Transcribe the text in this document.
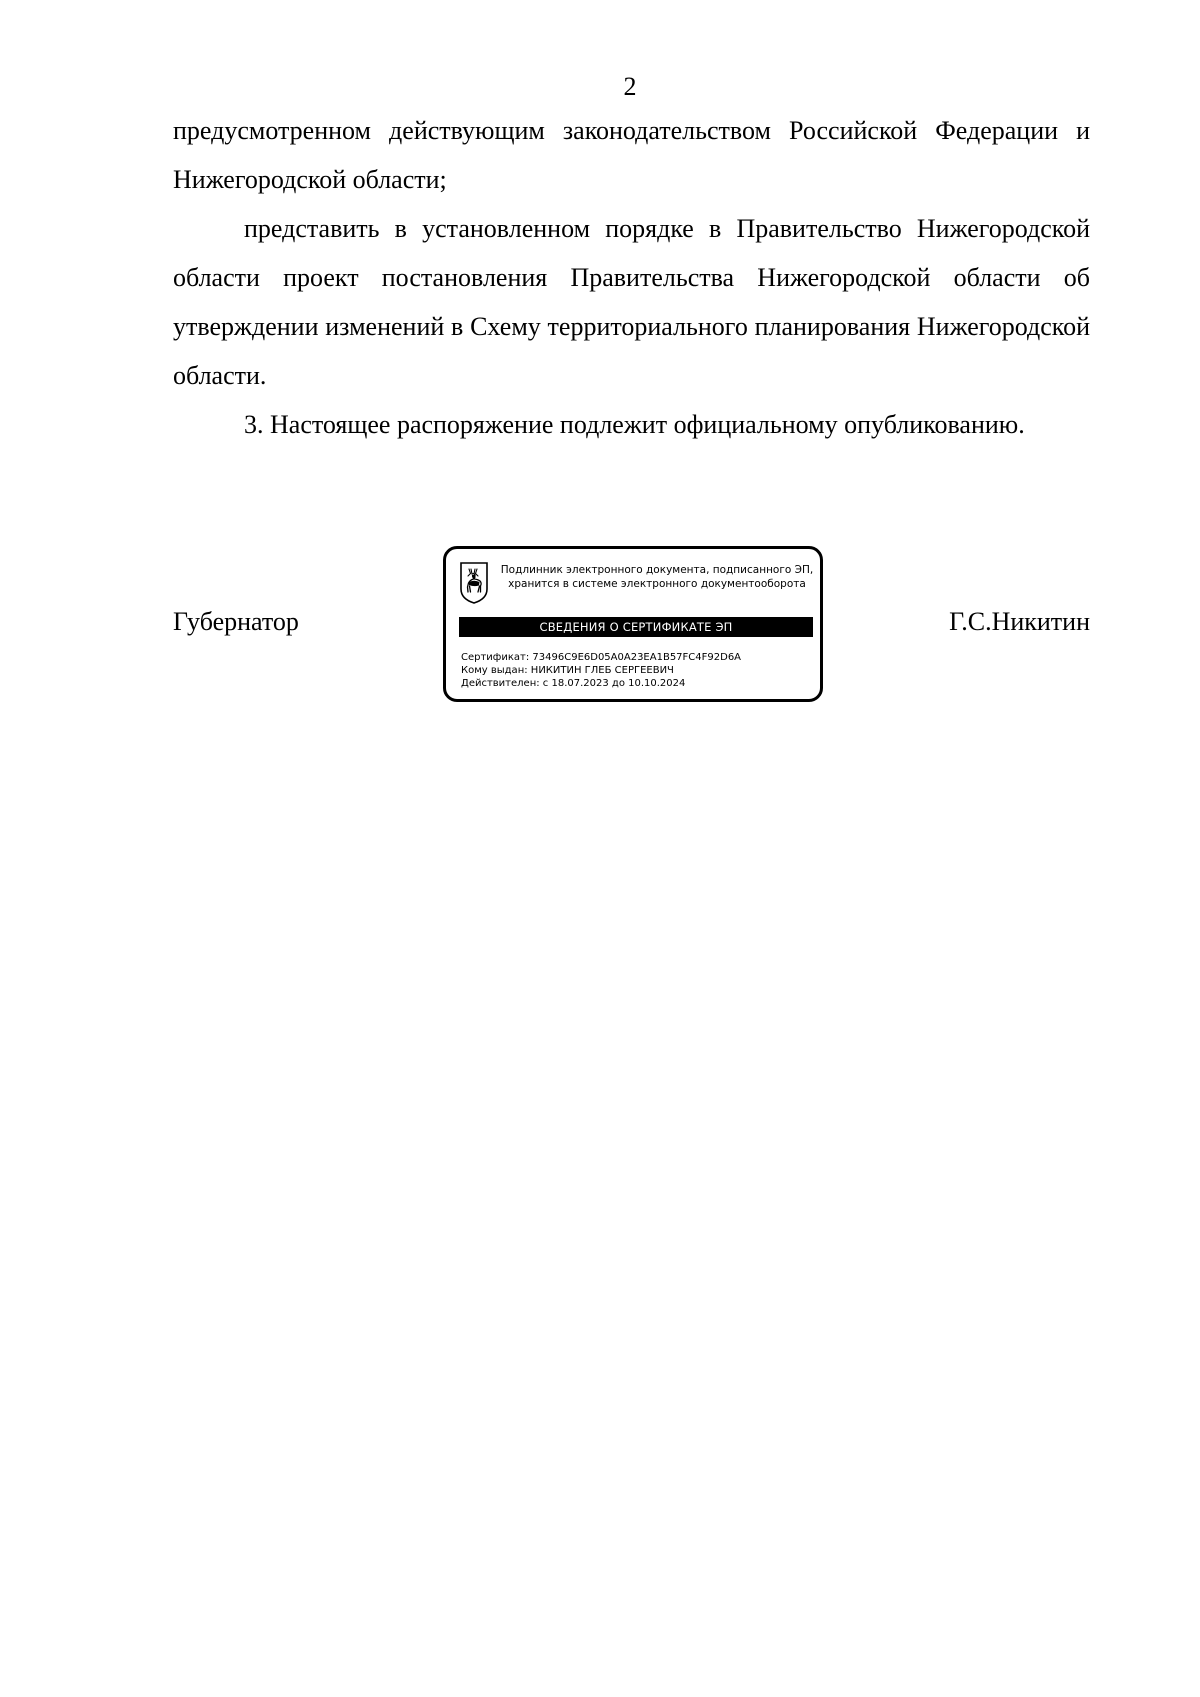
2

предусмотренном действующим законодательством Российской Федерации и Нижегородской области;

представить в установленном порядке в Правительство Нижегородской области проект постановления Правительства Нижегородской области об утверждении изменений в Схему территориального планирования Нижегородской области.

3. Настоящее распоряжение подлежит официальному опубликованию.

Губернатор	Г.С.Никитин
Подлинник электронного документа, подписанного ЭП,
хранится в системе электронного документооборота
СВЕДЕНИЯ О СЕРТИФИКАТЕ ЭП
Сертификат: 73496C9E6D05A0A23EA1B57FC4F92D6A
Кому выдан: НИКИТИН ГЛЕБ СЕРГЕЕВИЧ
Действителен: с 18.07.2023 до 10.10.2024
